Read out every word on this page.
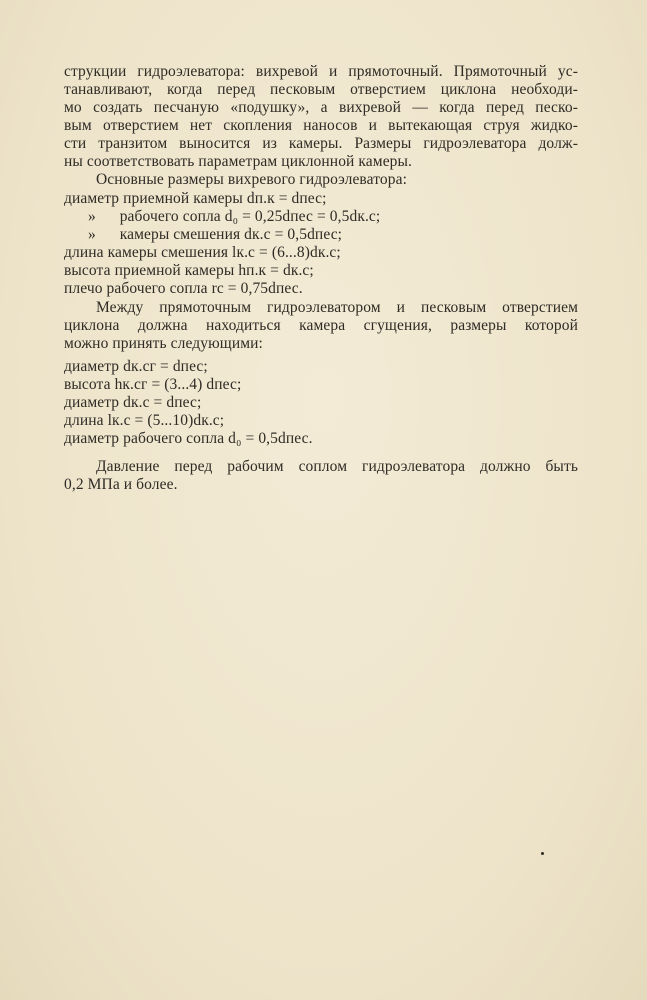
струкции гидроэлеватора: вихревой и прямоточный. Прямоточный ус-
танавливают, когда перед песковым отверстием циклона необходи-
мо создать песчаную «подушку», а вихревой — когда перед песко-
вым отверстием нет скопления наносов и вытекающая струя жидко-
сти транзитом выносится из камеры. Размеры гидроэлеватора долж-
ны соответствовать параметрам циклонной камеры.
Основные размеры вихревого гидроэлеватора:
диаметр приемной камеры dп.к = dпес;
»      рабочего сопла d₀ = 0,25dпес = 0,5dк.с;
»      камеры смешения dк.с = 0,5dпес;
длина камеры смешения lк.с = (6...8)dк.с;
высота приемной камеры hп.к = dк.с;
плечо рабочего сопла rс = 0,75dпес.
Между прямоточным гидроэлеватором и песковым отверстием
циклона должна находиться камера сгущения, размеры которой
можно принять следующими:
диаметр dк.сг = dпес;
высота hк.сг = (3...4) dпес;
диаметр dк.с = dпес;
длина lк.с = (5...10)dк.с;
диаметр рабочего сопла d₀ = 0,5dпес.
Давление перед рабочим соплом гидроэлеватора должно быть
0,2 МПа и более.
